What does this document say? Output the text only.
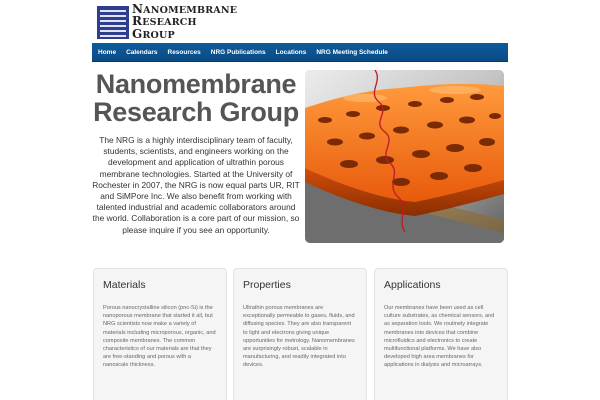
NANOMEMBRANE
RESEARCH
GROUP
Home	Calendars	Resources	NRG Publications	Locations	NRG Meeting Schedule
Nanomembrane
Research Group

The NRG is a highly interdisciplinary team of faculty, students, scientists, and engineers working on the development and application of ultrathin porous membrane technologies. Started at the University of Rochester in 2007, the NRG is now equal parts UR, RIT and SiMPore Inc. We also benefit from working with talented industrial and academic collaborators around the world. Collaboration is a core part of our mission, so please inquire if you see an opportunity.

Materials

Porous nanocrystalline silicon (pnc-Si) is the nanoporous membrane that started it all, but NRG scientists now make a variety of materials including microporous, organic, and composite membranes. The common characteristics of our materials are that they are free-standing and porous with a nanoscale thickness.

Properties

Ultrathin porous membranes are exceptionally permeable to gases, fluids, and diffusing species. They are also transparent to light and electrons giving unique opportunities for metrology. Nanomembranes are surprisingly robust, scalable in manufacturing, and readily integrated into devices.

Applications

Our membranes have been used as cell culture substrates, as chemical sensors, and as separation tools. We routinely integrate membranes into devices that combine microfluidics and electronics to create multifunctional platforms. We have also developed high area membranes for applications in dialysis and microarrays.
